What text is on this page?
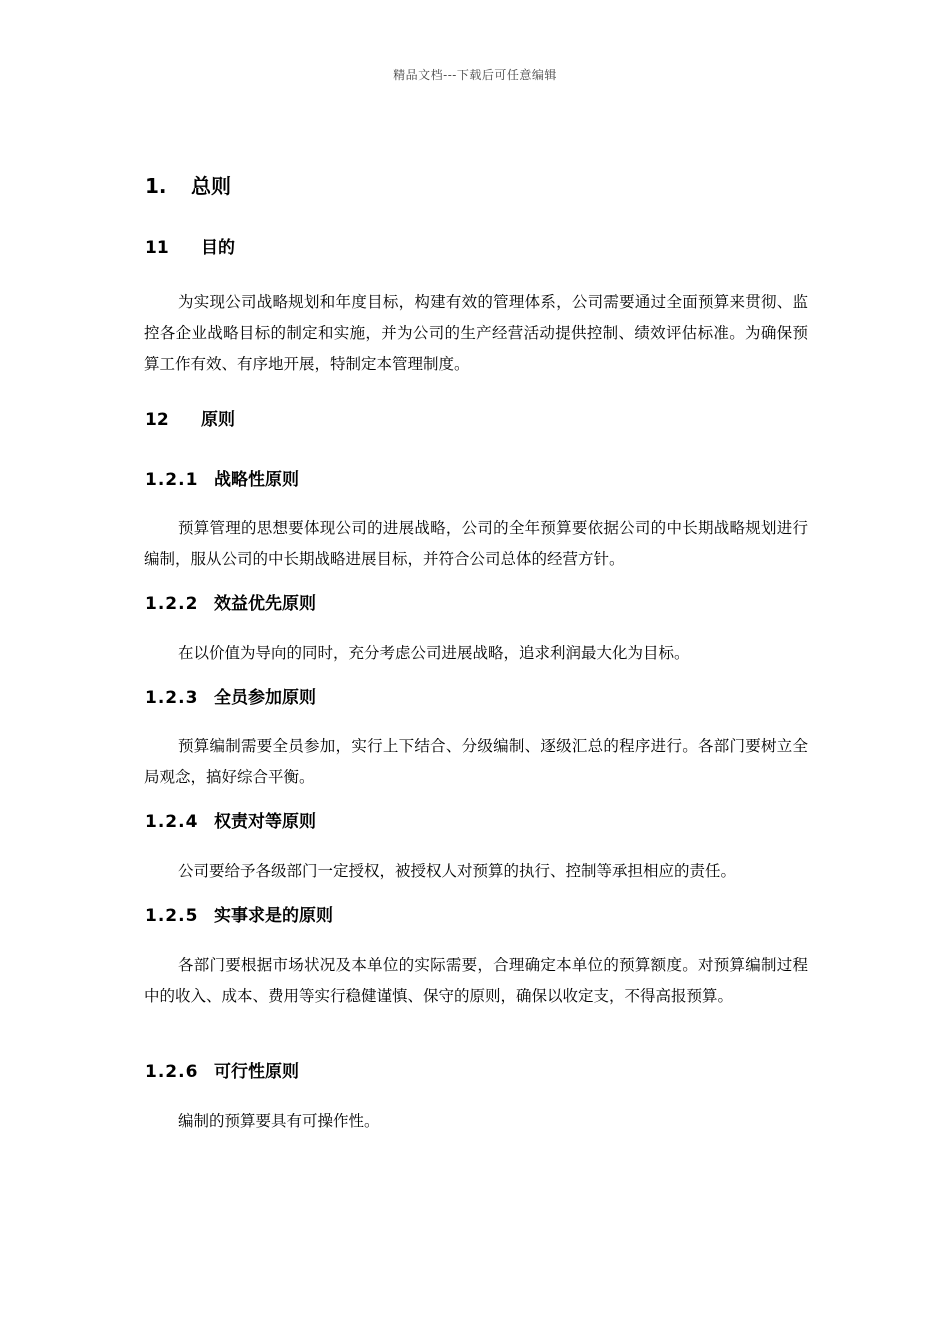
精品文档---下载后可任意编辑
1. 总则
11 目的

为实现公司战略规划和年度目标，构建有效的管理体系，公司需要通过全面预算来贯彻、监控各企业战略目标的制定和实施，并为公司的生产经营活动提供控制、绩效评估标准。为确保预算工作有效、有序地开展，特制定本管理制度。

12 原则
1.2.1 战略性原则

预算管理的思想要体现公司的进展战略，公司的全年预算要依据公司的中长期战略规划进行编制，服从公司的中长期战略进展目标，并符合公司总体的经营方针。

1.2.2 效益优先原则

在以价值为导向的同时，充分考虑公司进展战略，追求利润最大化为目标。

1.2.3 全员参加原则

预算编制需要全员参加，实行上下结合、分级编制、逐级汇总的程序进行。各部门要树立全局观念，搞好综合平衡。

1.2.4 权责对等原则

公司要给予各级部门一定授权，被授权人对预算的执行、控制等承担相应的责任。

1.2.5 实事求是的原则

各部门要根据市场状况及本单位的实际需要，合理确定本单位的预算额度。对预算编制过程中的收入、成本、费用等实行稳健谨慎、保守的原则，确保以收定支，不得高报预算。

1.2.6 可行性原则

编制的预算要具有可操作性。
